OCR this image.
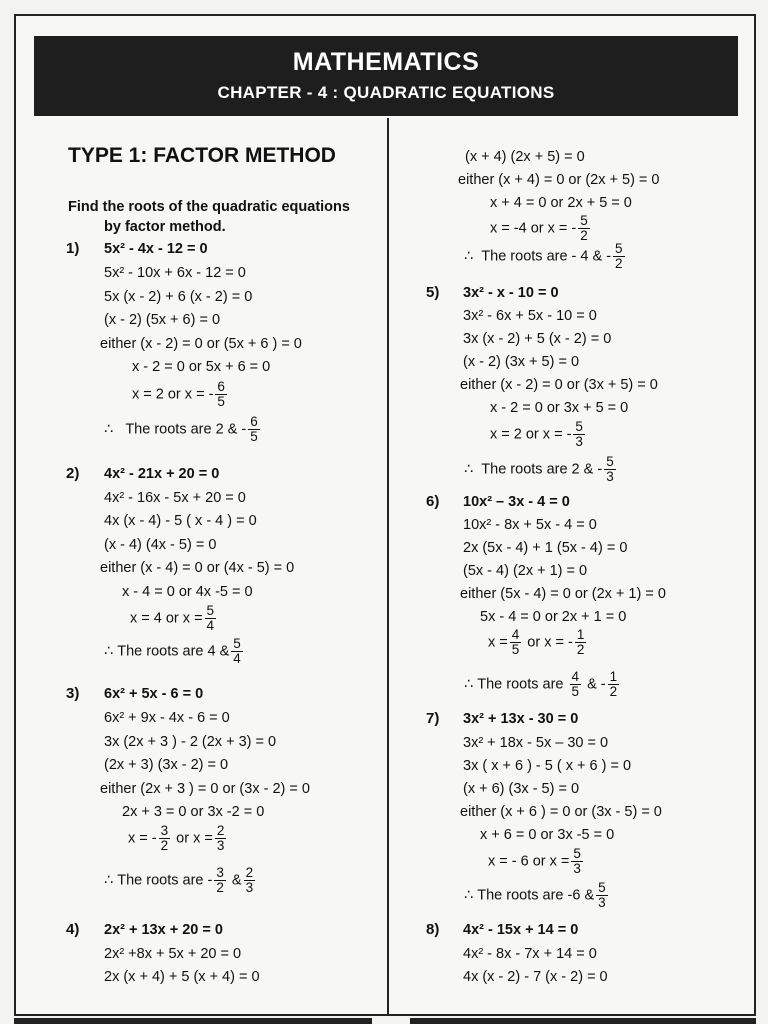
MATHEMATICS
CHAPTER - 4 : QUADRATIC EQUATIONS
TYPE 1: FACTOR METHOD
Find the roots of the quadratic equations
by factor method.
1) 5x² - 4x - 12 = 0
5x² - 10x + 6x - 12 = 0
5x (x - 2) + 6 (x - 2) = 0
(x - 2) (5x + 6) = 0
either (x - 2) = 0 or (5x + 6 ) = 0
x - 2 = 0 or 5x + 6 = 0
x = 2 or x = - $\frac{6}{5}$
∴ The roots are 2 & - $\frac{6}{5}$
2) 4x² - 21x + 20 = 0
4x² - 16x - 5x + 20 = 0
4x (x - 4) - 5 ( x - 4 ) = 0
(x - 4) (4x - 5) = 0
either (x - 4) = 0 or (4x - 5) = 0
x - 4 = 0 or 4x -5 = 0
x = 4 or $x = \frac{5}{4}$
∴ The roots are 4 & $\frac{5}{4}$
3) 6x² + 5x - 6 = 0
6x² + 9x - 4x - 6 = 0
3x (2x + 3 ) - 2 (2x + 3) = 0
(2x + 3) (3x - 2) = 0
either (2x + 3 ) = 0 or (3x - 2) = 0
2x + 3 = 0 or 3x -2 = 0
x = - $\frac{3}{2}$ or $x = \frac{2}{3}$
∴ The roots are - $\frac{3}{2}$ & $\frac{2}{3}$
4) 2x² + 13x + 20 = 0
2x² +8x + 5x + 20 = 0
2x (x + 4) + 5 (x + 4) = 0
(x + 4) (2x + 5) = 0
either (x + 4) = 0 or (2x + 5) = 0
x + 4 = 0 or 2x + 5 = 0
x = -4 or x = - $\frac{5}{2}$
∴ The roots are - 4 & - $\frac{5}{2}$
5) 3x² - x - 10 = 0
3x² - 6x + 5x - 10 = 0
3x (x - 2) + 5 (x - 2) = 0
(x - 2) (3x + 5) = 0
either (x - 2) = 0 or (3x + 5) = 0
x - 2 = 0 or 3x + 5 = 0
x = 2 or x = - $\frac{5}{3}$
∴ The roots are 2 & - $\frac{5}{3}$
6) 10x² – 3x - 4 = 0
10x² - 8x + 5x - 4 = 0
2x (5x - 4) + 1 (5x - 4) = 0
(5x - 4) (2x + 1) = 0
either (5x - 4) = 0 or (2x + 1) = 0
5x - 4 = 0 or 2x + 1 = 0
$x = \frac{4}{5}$ or x = - $\frac{1}{2}$
∴ The roots are $\frac{4}{5}$ & - $\frac{1}{2}$
7) 3x² + 13x - 30 = 0
3x² + 18x - 5x – 30 = 0
3x ( x + 6 ) - 5 ( x + 6 ) = 0
(x + 6) (3x - 5) = 0
either (x + 6 ) = 0 or (3x - 5) = 0
x + 6 = 0 or 3x -5 = 0
x = - 6 or $x = \frac{5}{3}$
∴ The roots are -6 & $\frac{5}{3}$
8) 4x² - 15x + 14 = 0
4x² - 8x - 7x + 14 = 0
4x (x - 2) - 7 (x - 2) = 0
